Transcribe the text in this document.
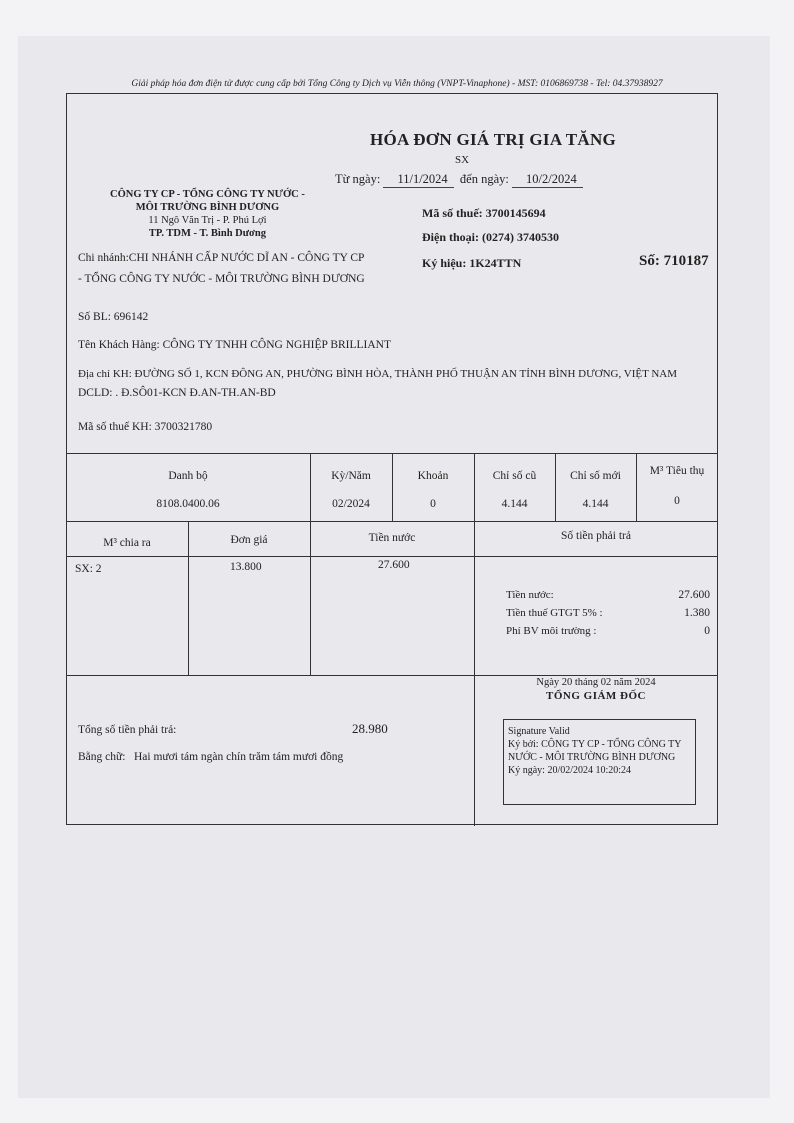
Giải pháp hóa đơn điện tử được cung cấp bởi Tổng Công ty Dịch vụ Viễn thông (VNPT-Vinaphone) - MST: 0106869738 - Tel: 04.37938927
HÓA ĐƠN GIÁ TRỊ GIA TĂNG
SX
Từ ngày: 11/1/2024 đến ngày: 10/2/2024
CÔNG TY CP - TỔNG CÔNG TY NƯỚC -
MÔI TRƯỜNG BÌNH DƯƠNG
11 Ngô Văn Trị - P. Phú Lợi
TP. TDM - T. Bình Dương
Mã số thuế: 3700145694
Điện thoại: (0274) 3740530
Ký hiệu: 1K24TTN	Số: 710187
Chi nhánh:CHI NHÁNH CẤP NƯỚC DĨ AN - CÔNG TY CP - TỔNG CÔNG TY NƯỚC - MÔI TRƯỜNG BÌNH DƯƠNG
Số BL: 696142
Tên Khách Hàng: CÔNG TY TNHH CÔNG NGHIỆP BRILLIANT
Địa chỉ KH: ĐƯỜNG SỐ 1, KCN ĐÔNG AN, PHƯỜNG BÌNH HÒA, THÀNH PHỐ THUẬN AN TỈNH BÌNH DƯƠNG, VIỆT NAM
DCLD: . Đ.SÔ01-KCN Đ.AN-TH.AN-BD
Mã số thuế KH: 3700321780
Danh bộ	Kỳ/Năm	Khoản	Chỉ số cũ	Chỉ số mới	M³ Tiêu thụ
8108.0400.06	02/2024	0	4.144	4.144	0
M³ chia ra	Đơn giá	Tiền nước	Số tiền phải trả
SX: 2	13.800	27.600
Tiền nước:	27.600
Tiền thuế GTGT 5% :	1.380
Phí BV môi trường :	0
Ngày 20 tháng 02 năm 2024
TỔNG GIÁM ĐỐC
Tổng số tiền phải trả:	28.980
Bằng chữ: Hai mươi tám ngàn chín trăm tám mươi đồng
Signature Valid
Ký bởi: CÔNG TY CP - TỔNG CÔNG TY
NƯỚC - MÔI TRƯỜNG BÌNH DƯƠNG
Ký ngày: 20/02/2024 10:20:24
